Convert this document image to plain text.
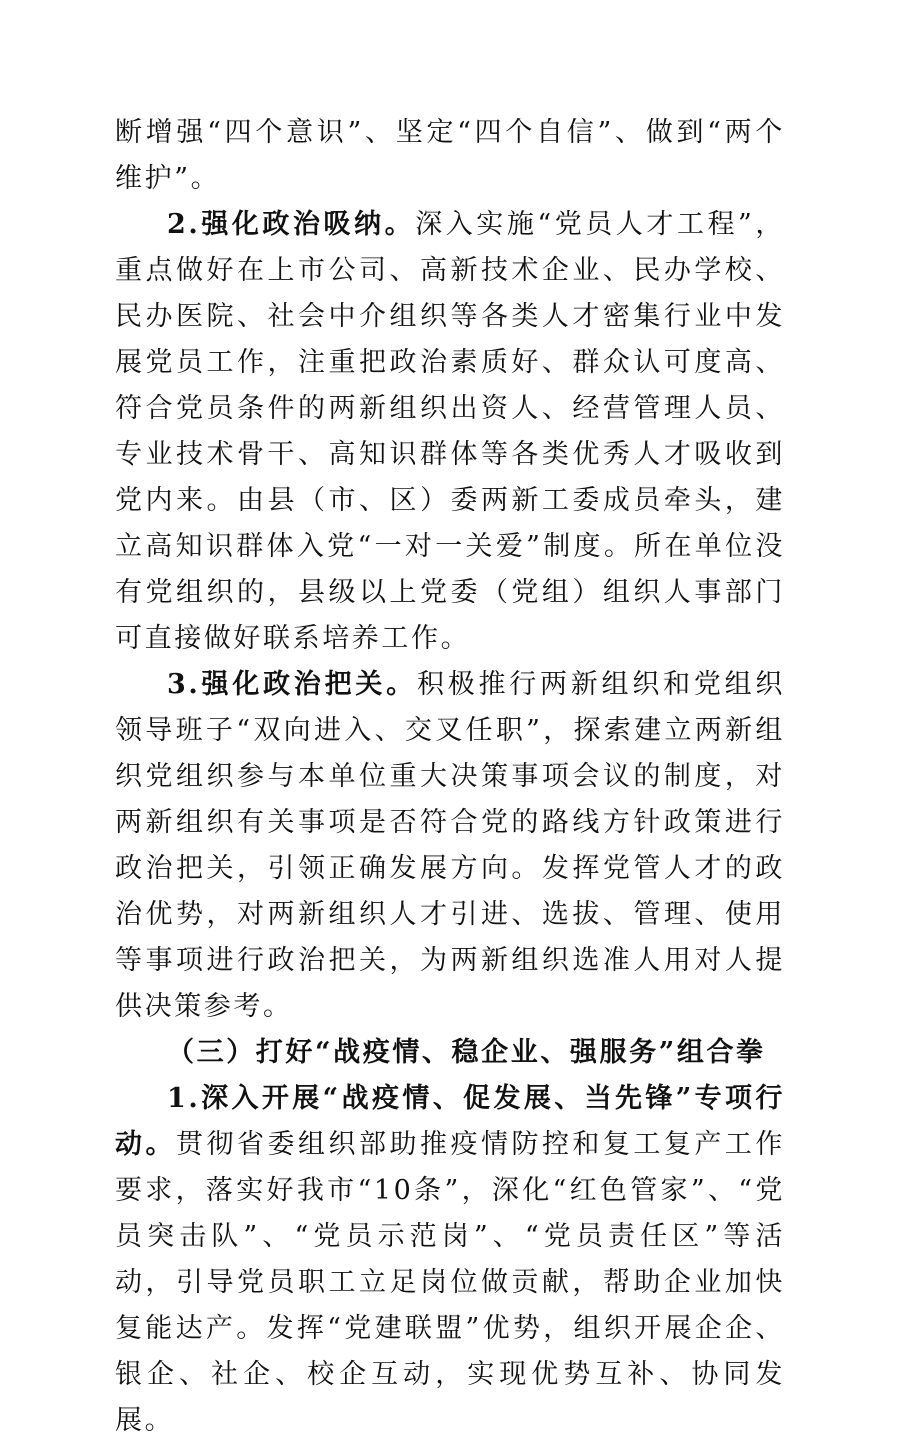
断增强“四个意识”、坚定“四个自信”、做到“两个维护”。

2.强化政治吸纳。深入实施“党员人才工程”，重点做好在上市公司、高新技术企业、民办学校、民办医院、社会中介组织等各类人才密集行业中发展党员工作，注重把政治素质好、群众认可度高、符合党员条件的两新组织出资人、经营管理人员、专业技术骨干、高知识群体等各类优秀人才吸收到党内来。由县（市、区）委两新工委成员牵头，建立高知识群体入党“一对一关爱”制度。所在单位没有党组织的，县级以上党委（党组）组织人事部门可直接做好联系培养工作。

3.强化政治把关。积极推行两新组织和党组织领导班子“双向进入、交叉任职”，探索建立两新组织党组织参与本单位重大决策事项会议的制度，对两新组织有关事项是否符合党的路线方针政策进行政治把关，引领正确发展方向。发挥党管人才的政治优势，对两新组织人才引进、选拔、管理、使用等事项进行政治把关，为两新组织选准人用对人提供决策参考。

（三）打好“战疫情、稳企业、强服务”组合拳

1.深入开展“战疫情、促发展、当先锋”专项行动。贯彻省委组织部助推疫情防控和复工复产工作要求，落实好我市“10条”，深化“红色管家”、“党员突击队”、“党员示范岗”、“党员责任区”等活动，引导党员职工立足岗位做贡献，帮助企业加快复能达产。发挥“党建联盟”优势，组织开展企企、银企、社企、校企互动，实现优势互补、协同发展。
